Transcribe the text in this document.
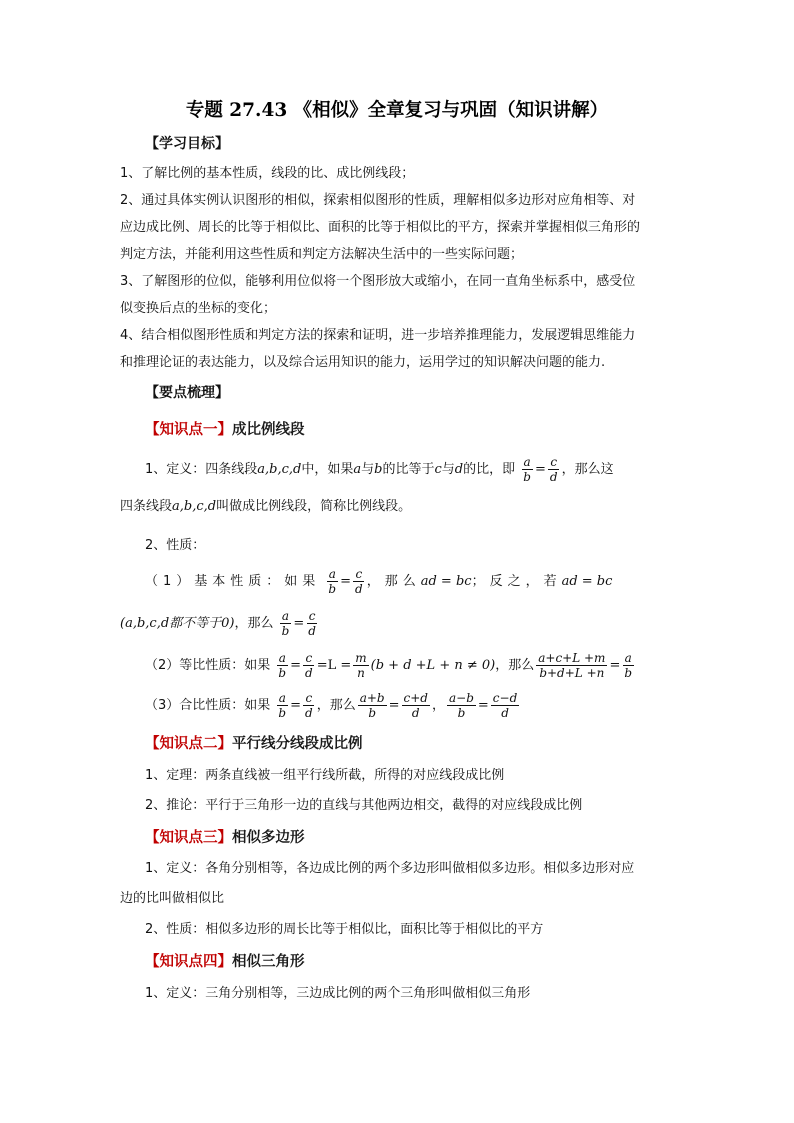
专题 27.43 《相似》全章复习与巩固（知识讲解）
【学习目标】
1、了解比例的基本性质，线段的比、成比例线段；
2、通过具体实例认识图形的相似，探索相似图形的性质，理解相似多边形对应角相等、对
应边成比例、周长的比等于相似比、面积的比等于相似比的平方，探索并掌握相似三角形的
判定方法，并能利用这些性质和判定方法解决生活中的一些实际问题；
3、了解图形的位似，能够利用位似将一个图形放大或缩小，在同一直角坐标系中，感受位
似变换后点的坐标的变化；
4、结合相似图形性质和判定方法的探索和证明，进一步培养推理能力，发展逻辑思维能力
和推理论证的表达能力，以及综合运用知识的能力，运用学过的知识解决问题的能力.
【要点梳理】
【知识点一】成比例线段
1、定义：四条线段a,b,c,d中，如果a与b的比等于c与d的比，即 $\frac{a}{b} = \frac{c}{d}$ ，那么这
四条线段a,b,c,d叫做成比例线段，简称比例线段。
2、性质：
（1）基本性质：如果 $\frac{a}{b} = \frac{c}{d}$ ，那么ad = bc；反之，若ad = bc
(a,b,c,d都不等于0)，那么 $\frac{a}{b} = \frac{c}{d}$
（2）等比性质：如果 $\frac{a}{b} = \frac{c}{d} =L = \frac{m}{n} (b + d +L + n \ne 0)$，那么 $\frac{a+c+L +m}{b+d+L +n} = \frac{a}{b}$
（3）合比性质：如果 $\frac{a}{b} = \frac{c}{d}$ ，那么 $\frac{a+b}{b} = \frac{c+d}{d}$ ， $\frac{a-b}{b} = \frac{c-d}{d}$
【知识点二】平行线分线段成比例
1、定理：两条直线被一组平行线所截，所得的对应线段成比例
2、推论：平行于三角形一边的直线与其他两边相交，截得的对应线段成比例
【知识点三】相似多边形
1、定义：各角分别相等，各边成比例的两个多边形叫做相似多边形。相似多边形对应
边的比叫做相似比
2、性质：相似多边形的周长比等于相似比，面积比等于相似比的平方
【知识点四】相似三角形
1、定义：三角分别相等，三边成比例的两个三角形叫做相似三角形
